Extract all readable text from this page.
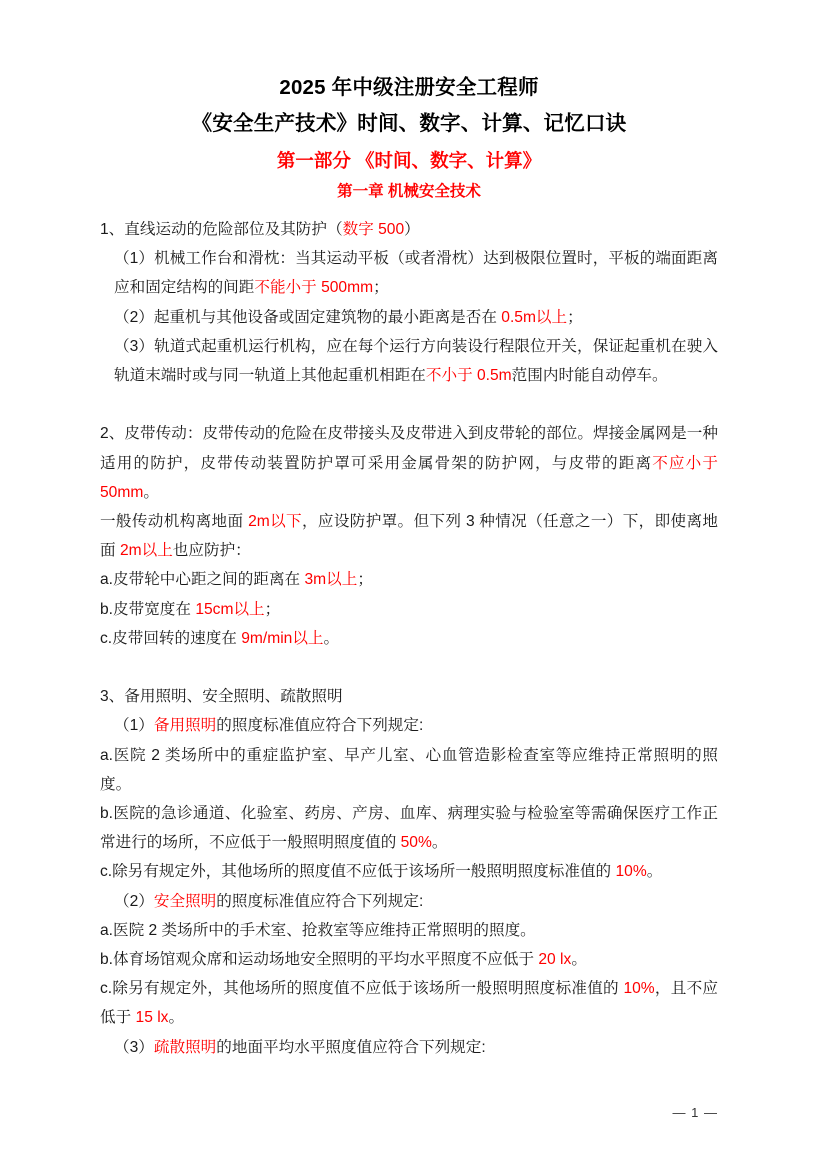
2025 年中级注册安全工程师
《安全生产技术》时间、数字、计算、记忆口诀
第一部分 《时间、数字、计算》
第一章 机械安全技术

1、直线运动的危险部位及其防护（数字 500）

（1）机械工作台和滑枕：当其运动平板（或者滑枕）达到极限位置时，平板的端面距离应和固定结构的间距不能小于 500mm；

（2）起重机与其他设备或固定建筑物的最小距离是否在 0.5m以上；

（3）轨道式起重机运行机构，应在每个运行方向装设行程限位开关，保证起重机在驶入轨道末端时或与同一轨道上其他起重机相距在不小于 0.5m范围内时能自动停车。

2、皮带传动：皮带传动的危险在皮带接头及皮带进入到皮带轮的部位。焊接金属网是一种适用的防护，皮带传动装置防护罩可采用金属骨架的防护网，与皮带的距离不应小于 50mm。

一般传动机构离地面 2m以下，应设防护罩。但下列 3 种情况（任意之一）下，即使离地面 2m以上也应防护：

a.皮带轮中心距之间的距离在 3m以上；

b.皮带宽度在 15cm以上；

c.皮带回转的速度在 9m/min以上。

3、备用照明、安全照明、疏散照明

（1）备用照明的照度标准值应符合下列规定:

a.医院 2 类场所中的重症监护室、早产儿室、心血管造影检查室等应维持正常照明的照度。

b.医院的急诊通道、化验室、药房、产房、血库、病理实验与检验室等需确保医疗工作正常进行的场所，不应低于一般照明照度值的 50%。

c.除另有规定外，其他场所的照度值不应低于该场所一般照明照度标准值的 10%。

（2）安全照明的照度标准值应符合下列规定:

a.医院 2 类场所中的手术室、抢救室等应维持正常照明的照度。

b.体育场馆观众席和运动场地安全照明的平均水平照度不应低于 20 lx。

c.除另有规定外，其他场所的照度值不应低于该场所一般照明照度标准值的 10%，且不应低于 15 lx。

（3）疏散照明的地面平均水平照度值应符合下列规定:

— 1 —
